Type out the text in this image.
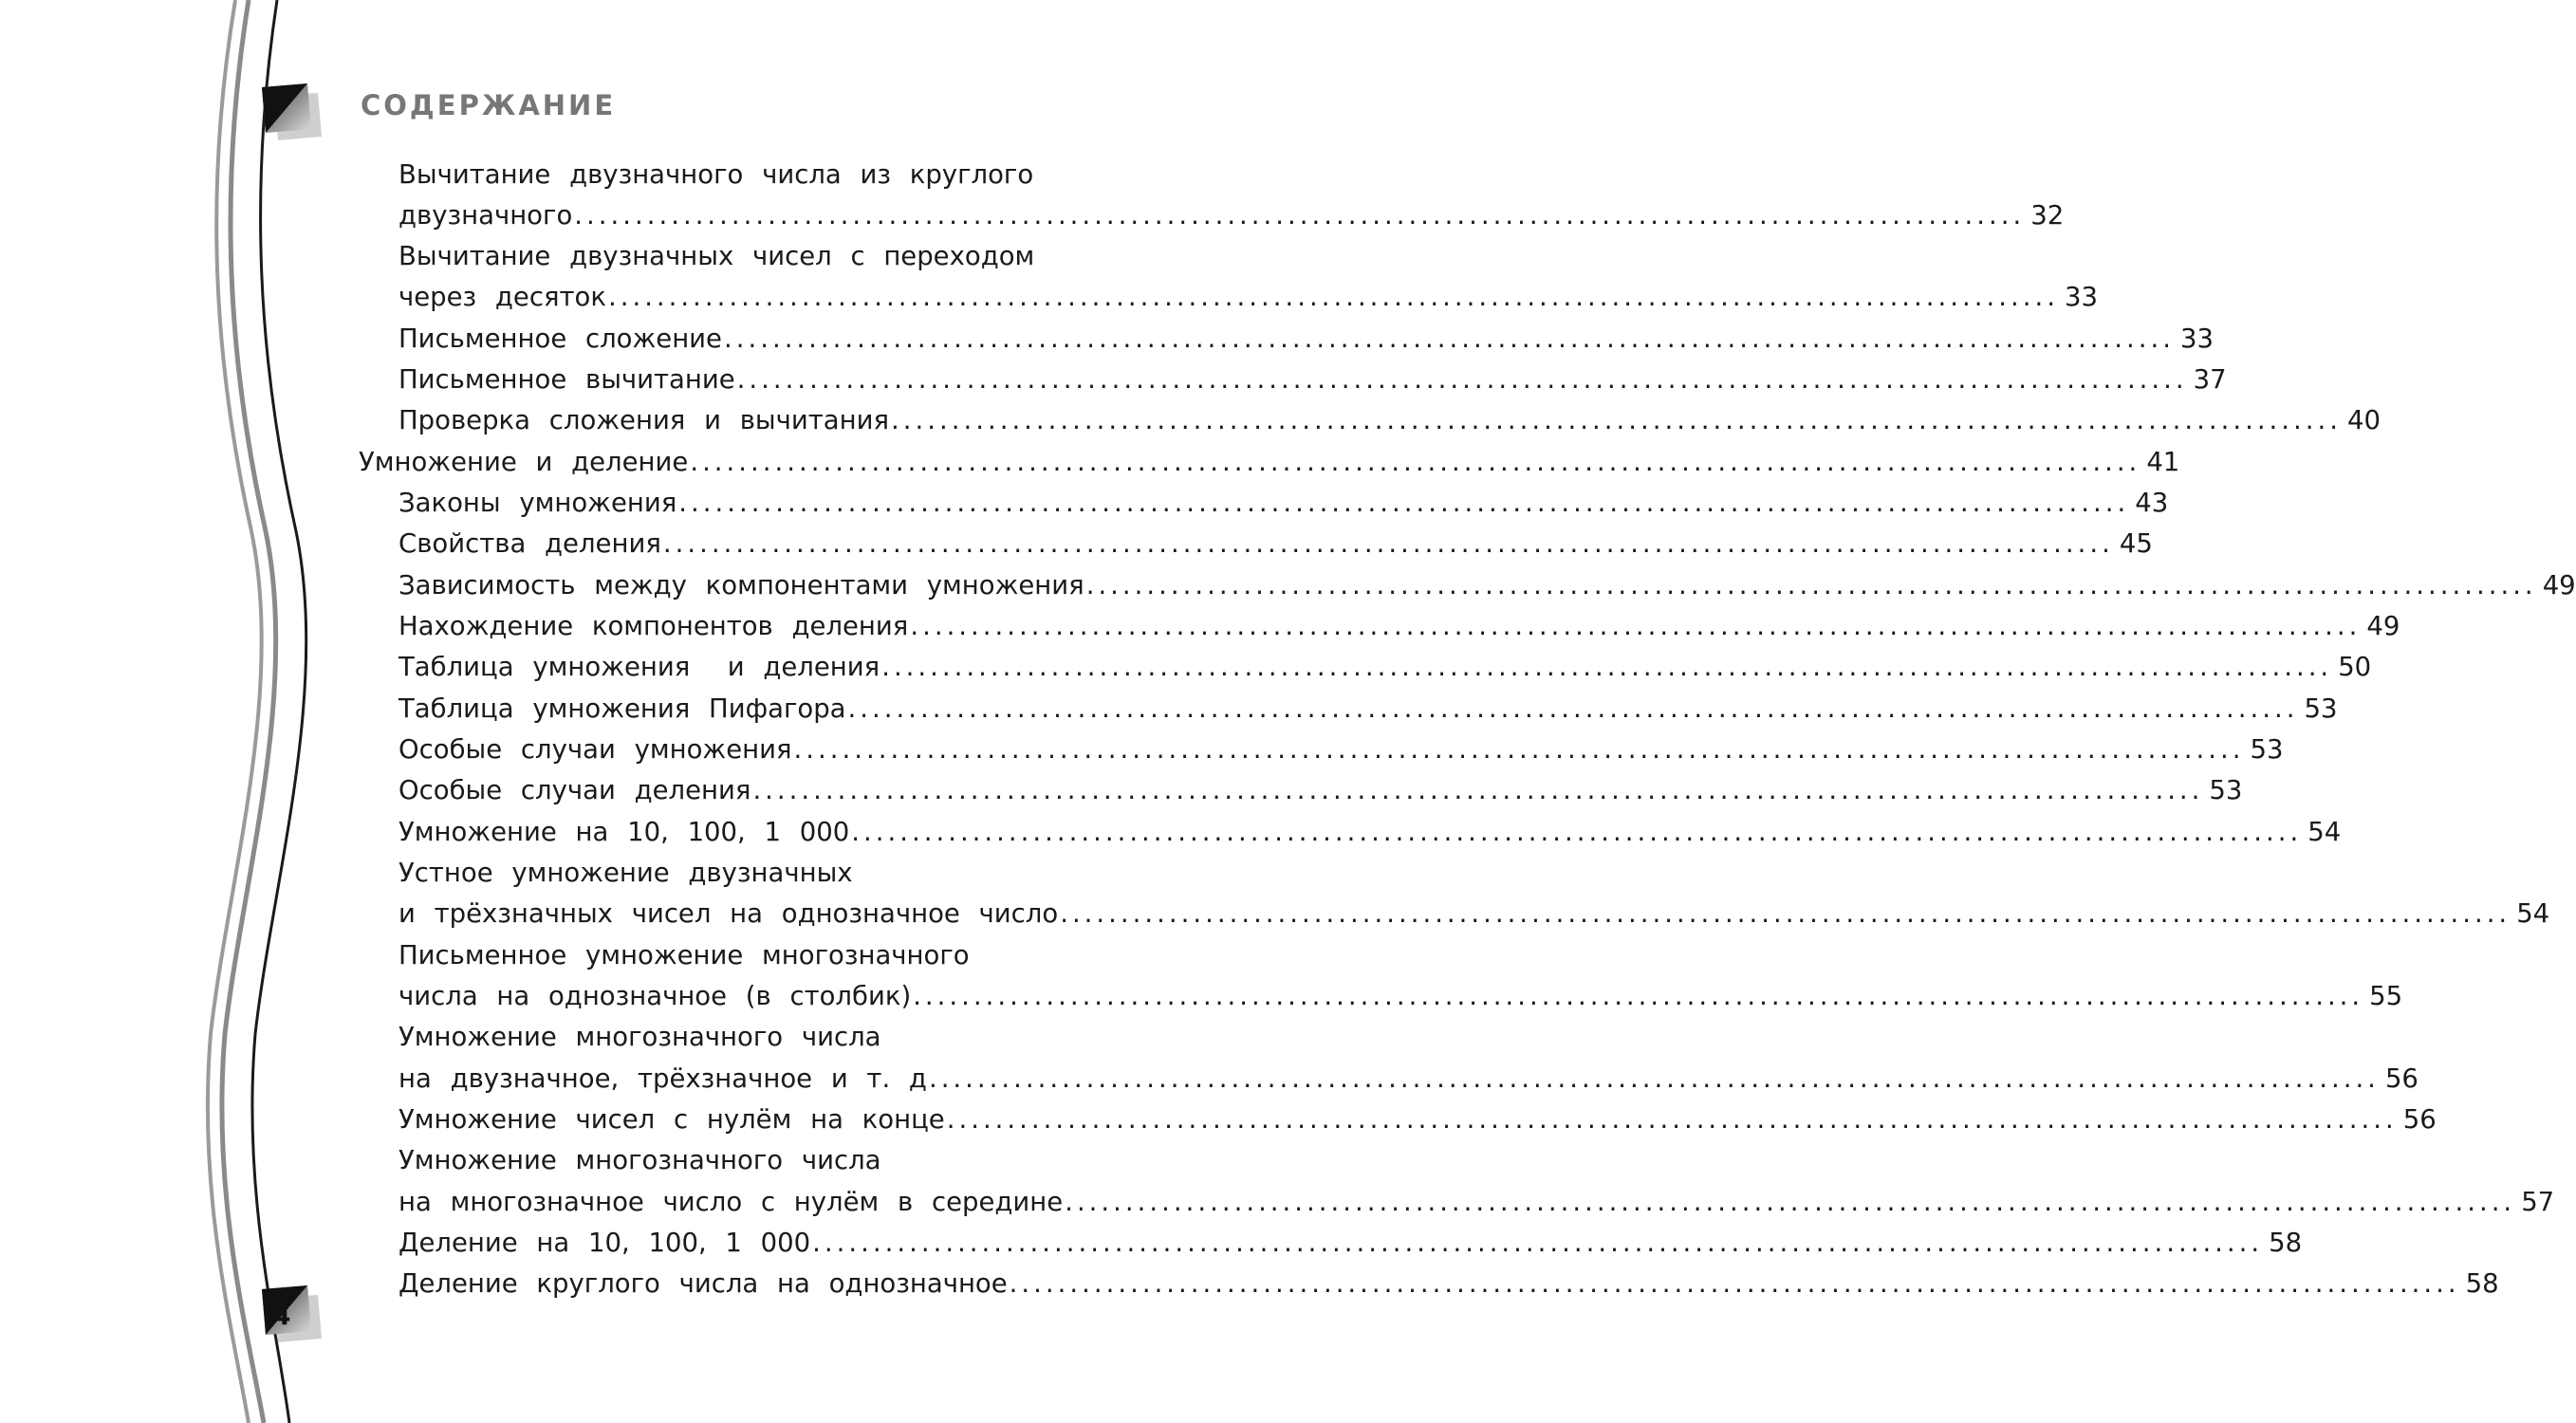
СОДЕРЖАНИЕ
4
Вычитание двузначного числа из круглого
двузначного ........................................................................................................................ 32
Вычитание двузначных чисел с переходом
через десяток ........................................................................................................................ 33
Письменное сложение ........................................................................................................................ 33
Письменное вычитание ........................................................................................................................ 37
Проверка сложения и вычитания ........................................................................................................................ 40
Умножение и деление ........................................................................................................................ 41
Законы умножения ........................................................................................................................ 43
Свойства деления ........................................................................................................................ 45
Зависимость между компонентами умножения ........................................................................................................................ 49
Нахождение компонентов деления ........................................................................................................................ 49
Таблица умножения  и деления ........................................................................................................................ 50
Таблица умножения Пифагора ........................................................................................................................ 53
Особые случаи умножения ........................................................................................................................ 53
Особые случаи деления ........................................................................................................................ 53
Умножение на 10, 100, 1 000 ........................................................................................................................ 54
Устное умножение двузначных
и трёхзначных чисел на однозначное число ........................................................................................................................ 54
Письменное умножение многозначного
числа на однозначное (в столбик) ........................................................................................................................ 55
Умножение многозначного числа
на двузначное, трёхзначное и т. д ........................................................................................................................ 56
Умножение чисел с нулём на конце ........................................................................................................................ 56
Умножение многозначного числа
на многозначное число с нулём в середине ........................................................................................................................ 57
Деление на 10, 100, 1 000 ........................................................................................................................ 58
Деление круглого числа на однозначное ........................................................................................................................ 58
